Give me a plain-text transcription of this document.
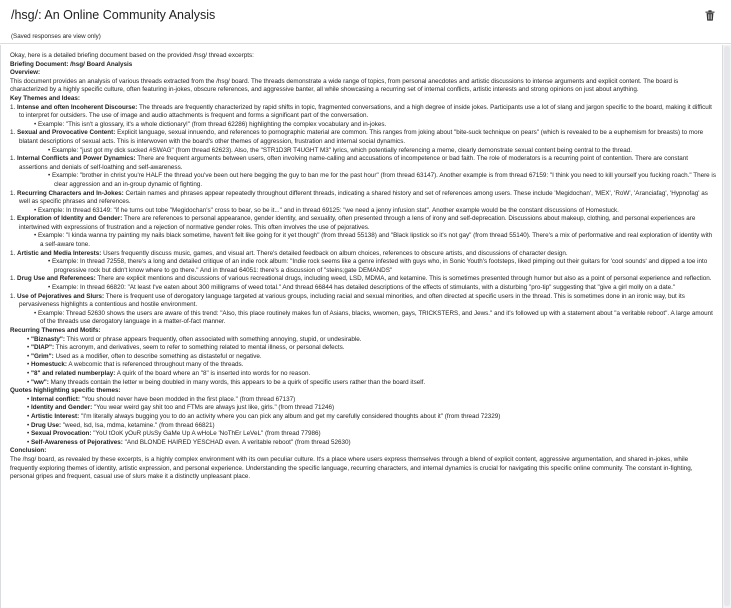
/hsg/: An Online Community Analysis
(Saved responses are view only)

Okay, here is a detailed briefing document based on the provided /hsg/ thread excerpts:

Briefing Document: /hsg/ Board Analysis

Overview:

This document provides an analysis of various threads extracted from the /hsg/ board. The threads demonstrate a wide range of topics, from personal anecdotes and artistic discussions to intense arguments and explicit content. The board is characterized by a highly specific culture, often featuring in-jokes, obscure references, and aggressive banter, all while showcasing a recurring set of internal conflicts, artistic interests and strong opinions on just about anything.

Key Themes and Ideas:

1. Intense and often Incoherent Discourse: The threads are frequently characterized by rapid shifts in topic, fragmented conversations, and a high degree of inside jokes. Participants use a lot of slang and jargon specific to the board, making it difficult to interpret for outsiders. The use of image and audio attachments is frequent and forms a significant part of the conversation.

• Example: "This isn't a glossary, it's a whole dictionary!" (from thread 62286) highlighting the complex vocabulary and in-jokes.

1. Sexual and Provocative Content: Explicit language, sexual innuendo, and references to pornographic material are common. This ranges from joking about "bite-suck technique on pears" (which is revealed to be a euphemism for breasts) to more blatant descriptions of sexual acts. This is interwoven with the board's other themes of aggression, frustration and internal social dynamics.

• Example: "just got my dick sucked #SWAG" (from thread 62623). Also, the "STR1D3R T4UGHT M3" lyrics, which potentially referencing a meme, clearly demonstrate sexual content being central to the thread.

1. Internal Conflicts and Power Dynamics: There are frequent arguments between users, often involving name-calling and accusations of incompetence or bad faith. The role of moderators is a recurring point of contention. There are constant assertions and denials of self-loathing and self-awareness.

• Example: "brother in christ you're HALF the thread you've been out here begging the guy to ban me for the past hour" (from thread 63147). Another example is from thread 67159: "I think you need to kill yourself you fucking roach." There is clear aggression and an in-group dynamic of fighting.

1. Recurring Characters and In-Jokes: Certain names and phrases appear repeatedly throughout different threads, indicating a shared history and set of references among users. These include 'Megidochan', 'MEX', 'RoW', 'Aranciafag', 'Hypnofag' as well as specific phrases and references.

• Example: In thread 63149: "if he turns out tobe "Megidochan's" cross to bear, so be it..." and in thread 69125: "we need a jenny infusion stat". Another example would be the constant discussions of Homestuck.

1. Exploration of Identity and Gender: There are references to personal appearance, gender identity, and sexuality, often presented through a lens of irony and self-deprecation. Discussions about makeup, clothing, and personal experiences are intertwined with expressions of frustration and a rejection of normative gender roles. This often involves the use of pejoratives.

• Example: "I kinda wanna try painting my nails black sometime, haven't felt like going for it yet though" (from thread 55138) and "Black lipstick so it's not gay" (from thread 55140). There's a mix of performative and real exploration of identity with a self-aware tone.

1. Artistic and Media Interests: Users frequently discuss music, games, and visual art. There's detailed feedback on album choices, references to obscure artists, and discussions of character design.

• Example: In thread 72558, there's a long and detailed critique of an indie rock album: "Indie rock seems like a genre infested with guys who, in Sonic Youth's footsteps, liked pimping out their guitars for 'cool sounds' and dipped a toe into progressive rock but didn't know where to go there." And in thread 64051: there's a discussion of "steins;gate DEMANDS"

1. Drug Use and References: There are explicit mentions and discussions of various recreational drugs, including weed, LSD, MDMA, and ketamine. This is sometimes presented through humor but also as a point of personal experience and reflection.

• Example: In thread 66820: "At least I've eaten about 300 milligrams of weed total." And thread 66844 has detailed descriptions of the effects of stimulants, with a disturbing "pro-tip" suggesting that "give a girl molly on a date."

1. Use of Pejoratives and Slurs: There is frequent use of derogatory language targeted at various groups, including racial and sexual minorities, and often directed at specific users in the thread. This is sometimes done in an ironic way, but its pervasiveness highlights a contentious and hostile environment.

• Example: Thread 52630 shows the users are aware of this trend: "Also, this place routinely makes fun of Asians, blacks, wwomen, gays, TRICKSTERS, and Jews." and it's followed up with a statement about "a veritable reboot". A large amount of the threads use derogatory language in a matter-of-fact manner.

Recurring Themes and Motifs:

• "Biznasty": This word or phrase appears frequently, often associated with something annoying, stupid, or undesirable.

• "DIAP": This acronym, and derivatives, seem to refer to something related to mental illness, or personal defects.

• "Grim": Used as a modifier, often to describe something as distasteful or negative.

• Homestuck: A webcomic that is referenced throughout many of the threads.

• "8" and related numberplay: A quirk of the board where an "8" is inserted into words for no reason.

• "ww": Many threads contain the letter w being doubled in many words, this appears to be a quirk of specific users rather than the board itself.

Quotes highlighting specific themes:

• Internal conflict: "You should never have been modded in the first place." (from thread 67137)

• Identity and Gender: "You wear weird gay shit too and FTMs are always just like, girls." (from thread 71246)

• Artistic Interest: "I'm literally always bugging you to do an activity where you can pick any album and get my carefully considered thoughts about it" (from thread 72329)

• Drug Use: "weed, lsd, lsa, mdma, ketamine." (from thread 66821)

• Sexual Provocation: "YoU tOoK yOuR pUsSy GaMe Up A wHoLe 'NoThEr LeVeL" (from thread 77986)

• Self-Awareness of Pejoratives: "And BLONDE HAIRED YESCHAD even. A veritable reboot" (from thread 52630)

Conclusion:

The /hsg/ board, as revealed by these excerpts, is a highly complex environment with its own peculiar culture. It's a place where users express themselves through a blend of explicit content, aggressive argumentation, and shared in-jokes, while frequently exploring themes of identity, artistic expression, and personal experience. Understanding the specific language, recurring characters, and internal dynamics is crucial for navigating this specific online community. The constant in-fighting, personal gripes and frequent, casual use of slurs make it a distinctly unpleasant place.
